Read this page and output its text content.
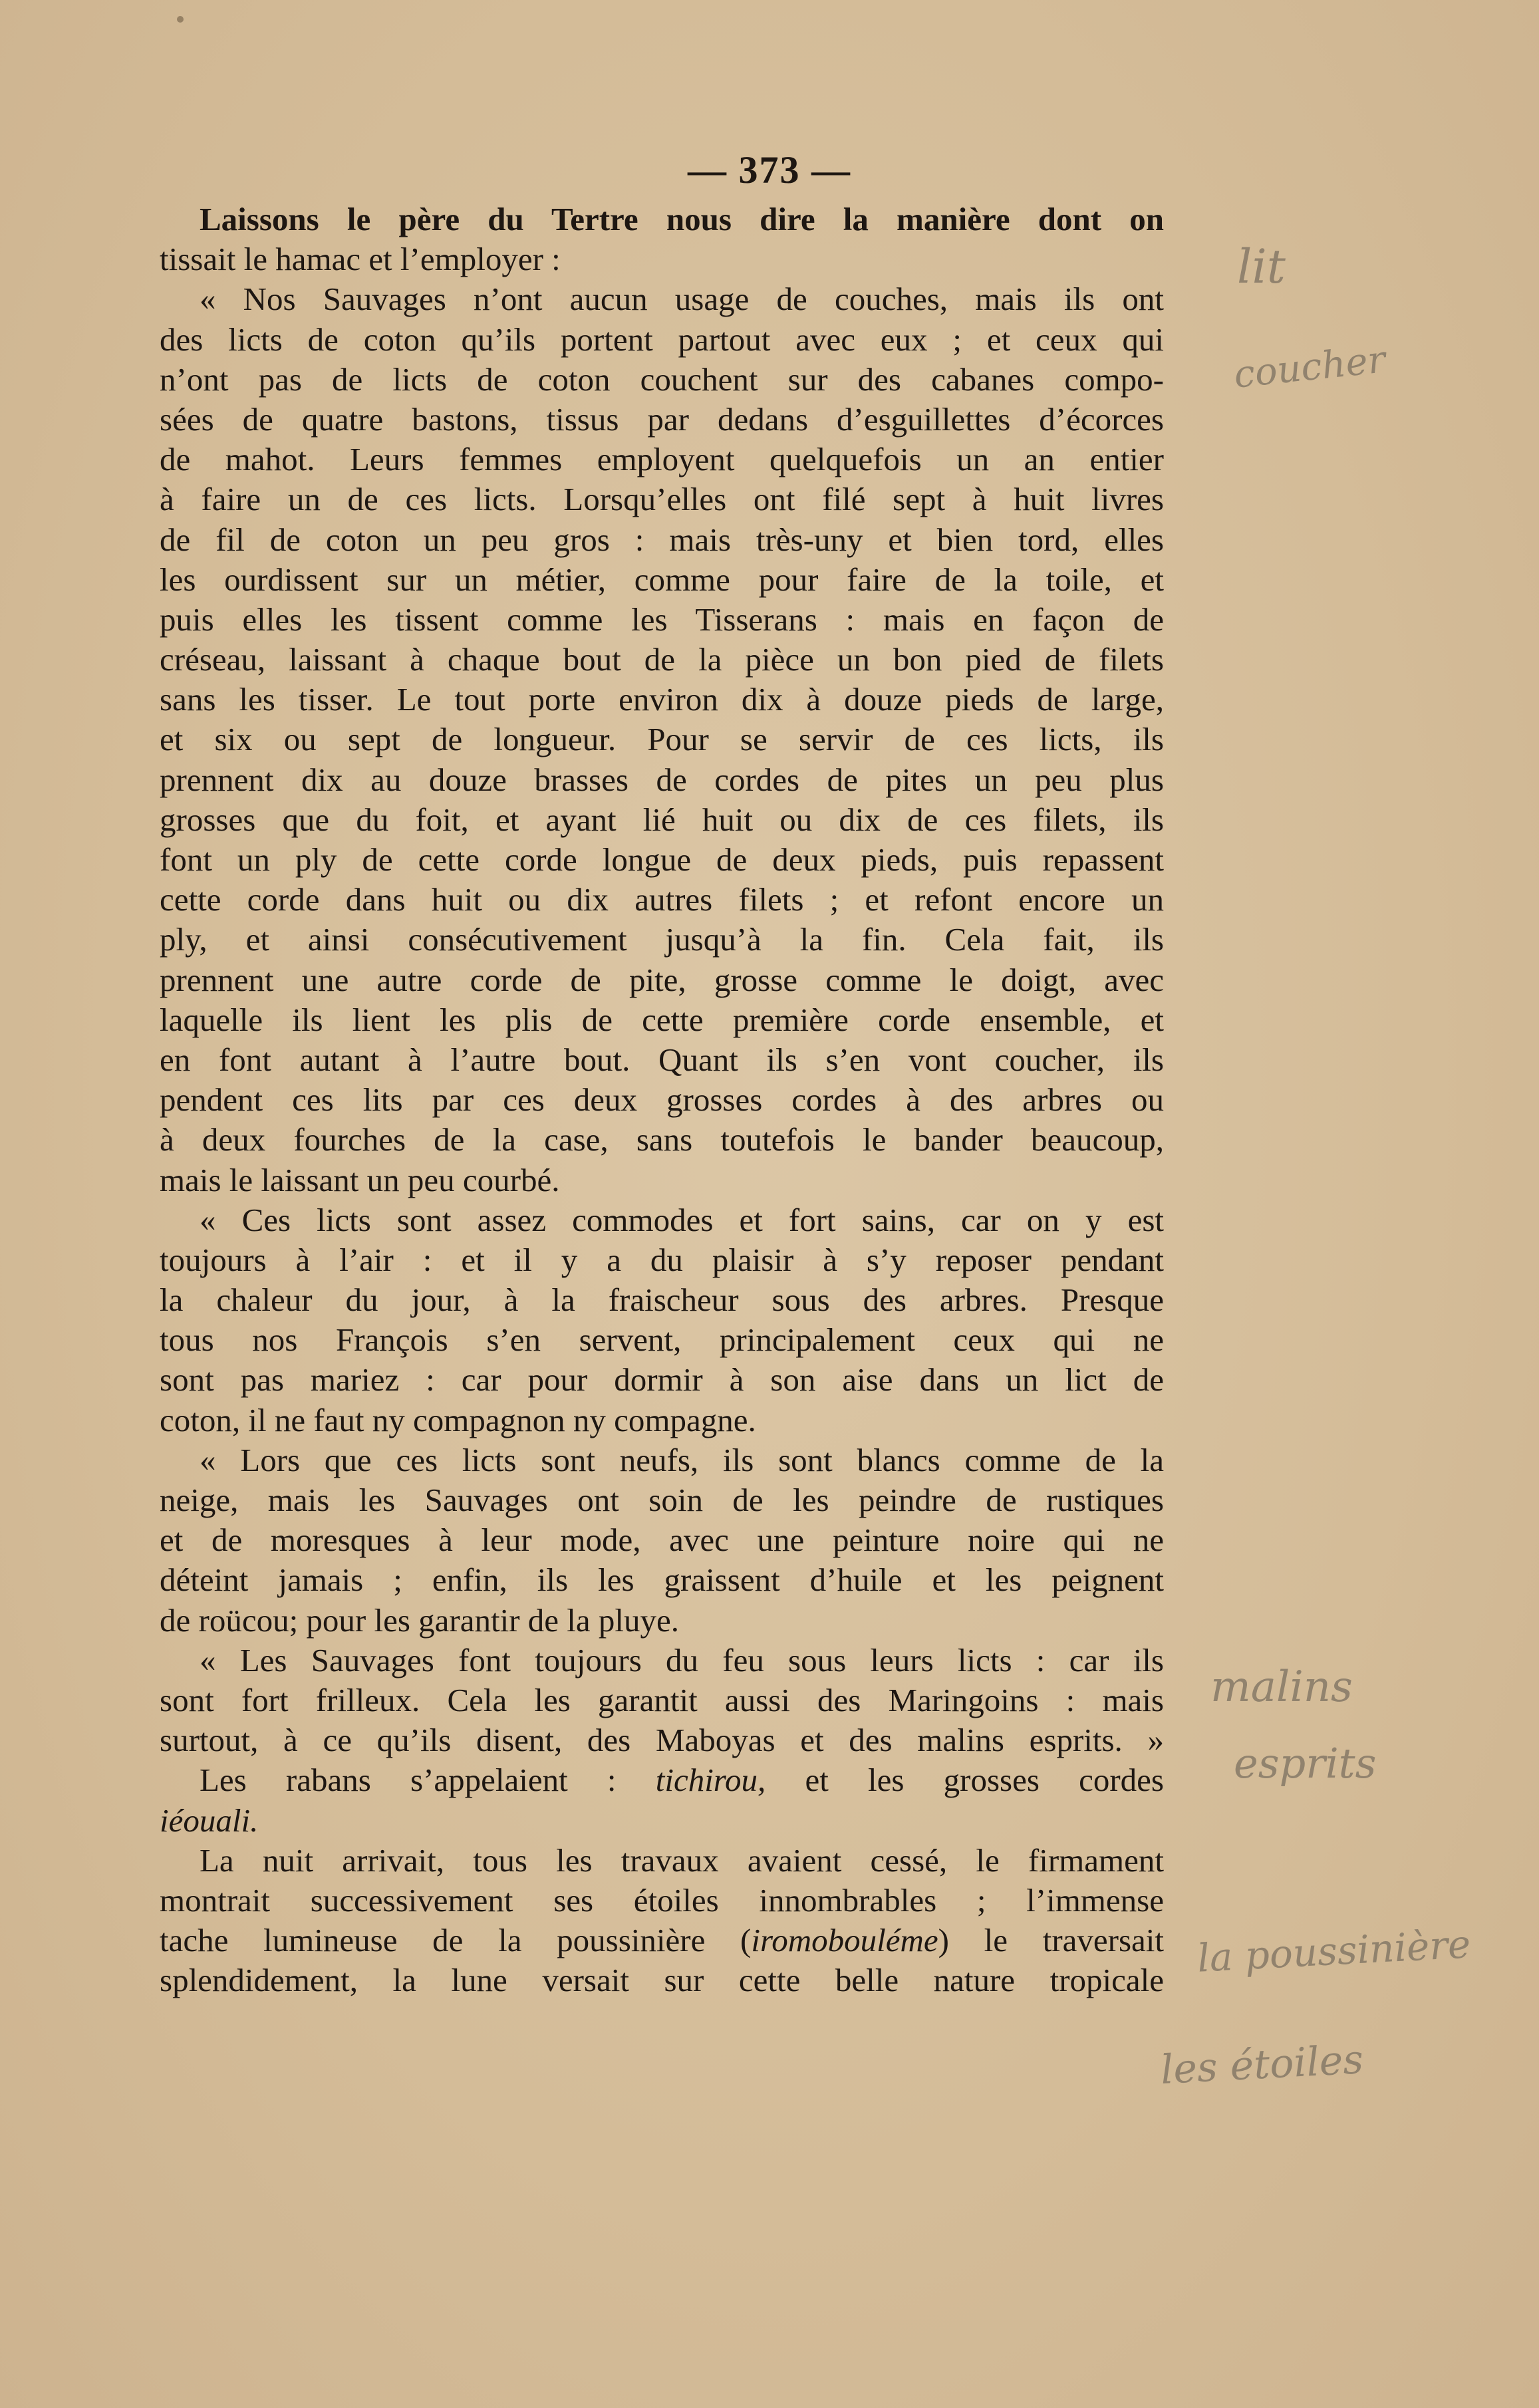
— 373 —
Laissons le père du Tertre nous dire la manière dont on
tissait le hamac et l’employer :
« Nos Sauvages n’ont aucun usage de couches, mais ils ont
des licts de coton qu’ils portent partout avec eux ; et ceux qui
n’ont pas de licts de coton couchent sur des cabanes compo-
sées de quatre bastons, tissus par dedans d’esguillettes d’écorces
de mahot. Leurs femmes employent quelquefois un an entier
à faire un de ces licts. Lorsqu’elles ont filé sept à huit livres
de fil de coton un peu gros : mais très-uny et bien tord, elles
les ourdissent sur un métier, comme pour faire de la toile, et
puis elles les tissent comme les Tisserans : mais en façon de
créseau, laissant à chaque bout de la pièce un bon pied de filets
sans les tisser. Le tout porte environ dix à douze pieds de large,
et six ou sept de longueur. Pour se servir de ces licts, ils
prennent dix au douze brasses de cordes de pites un peu plus
grosses que du foit, et ayant lié huit ou dix de ces filets, ils
font un ply de cette corde longue de deux pieds, puis repassent
cette corde dans huit ou dix autres filets ; et refont encore un
ply, et ainsi consécutivement jusqu’à la fin. Cela fait, ils
prennent une autre corde de pite, grosse comme le doigt, avec
laquelle ils lient les plis de cette première corde ensemble, et
en font autant à l’autre bout. Quant ils s’en vont coucher, ils
pendent ces lits par ces deux grosses cordes à des arbres ou
à deux fourches de la case, sans toutefois le bander beaucoup,
mais le laissant un peu courbé.
« Ces licts sont assez commodes et fort sains, car on y est
toujours à l’air : et il y a du plaisir à s’y reposer pendant
la chaleur du jour, à la fraischeur sous des arbres. Presque
tous nos François s’en servent, principalement ceux qui ne
sont pas mariez : car pour dormir à son aise dans un lict de
coton, il ne faut ny compagnon ny compagne.
« Lors que ces licts sont neufs, ils sont blancs comme de la
neige, mais les Sauvages ont soin de les peindre de rustiques
et de moresques à leur mode, avec une peinture noire qui ne
déteint jamais ; enfin, ils les graissent d’huile et les peignent
de roücou; pour les garantir de la pluye.
« Les Sauvages font toujours du feu sous leurs licts : car ils
sont fort frilleux. Cela les garantit aussi des Maringoins : mais
surtout, à ce qu’ils disent, des Maboyas et des malins esprits. »
Les rabans s’appelaient : tichirou, et les grosses cordes
iéouali.
La nuit arrivait, tous les travaux avaient cessé, le firmament
montrait successivement ses étoiles innombrables ; l’immense
tache lumineuse de la poussinière (iromobouléme) le traversait
splendidement, la lune versait sur cette belle nature tropicale
lit
coucher
malins
esprits
la poussinière
les étoiles
